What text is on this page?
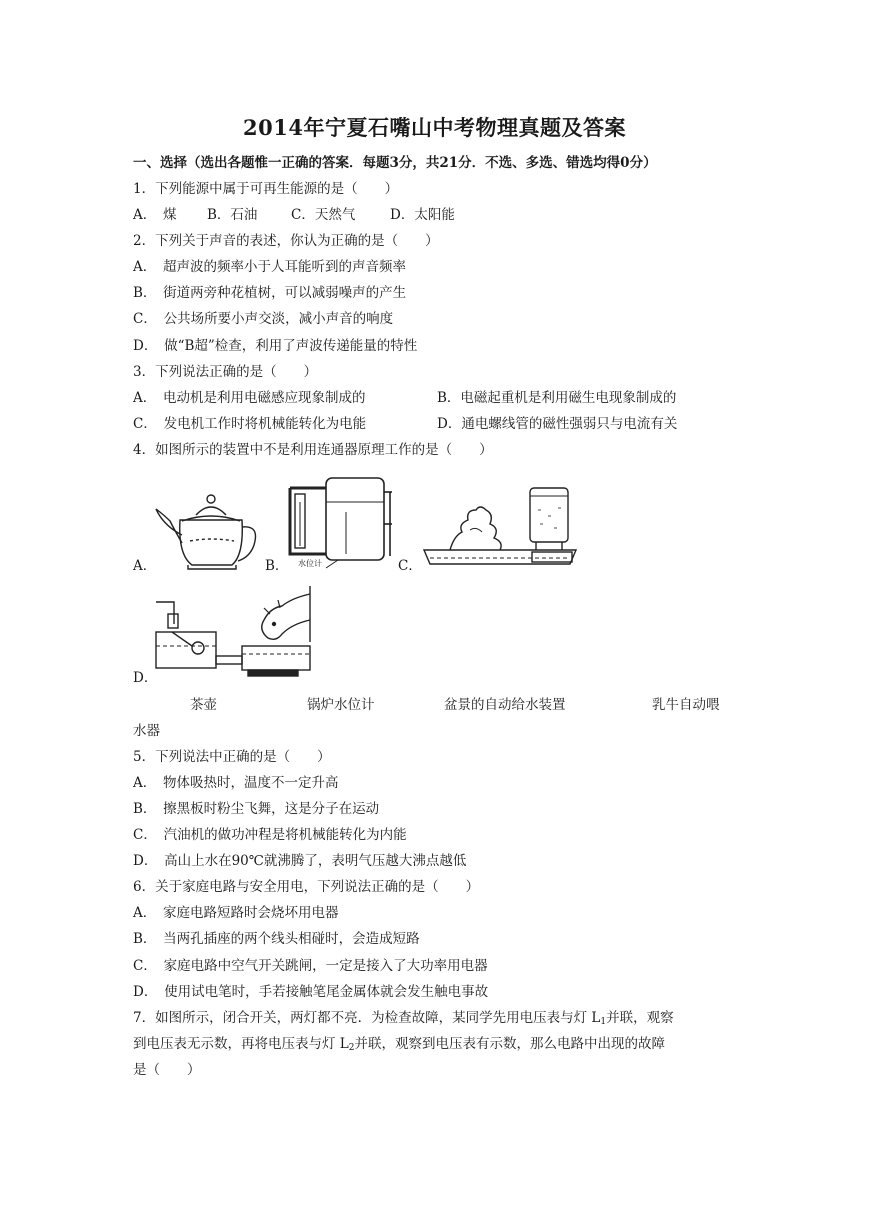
2014年宁夏石嘴山中考物理真题及答案
一、选择（选出各题惟一正确的答案．每题3分，共21分．不选、多选、错选均得0分）
1．下列能源中属于可再生能源的是（　　）
A．　煤 B．石油 C．天然气	D．太阳能
2．下列关于声音的表述，你认为正确的是（　　）
A．　超声波的频率小于人耳能听到的声音频率
B．　街道两旁种花植树，可以减弱噪声的产生
C．　公共场所要小声交淡，减小声音的响度
D．　做“B超”检查，利用了声波传递能量的特性
3．下列说法正确的是（　　）
A．　电动机是利用电磁感应现象制成的	B．电磁起重机是利用磁生电现象制成的
C．　发电机工作时将机械能转化为电能	D．通电螺线管的磁性强弱只与电流有关
4．如图所示的装置中不是利用连通器原理工作的是（　　）
A．	B． 水位计	C．
D．
茶壶	锅炉水位计	盆景的自动给水装置	乳牛自动喂
水器
5．下列说法中正确的是（　　）
A．　物体吸热时，温度不一定升高
B．　擦黑板时粉尘飞舞，这是分子在运动
C．　汽油机的做功冲程是将机械能转化为内能
D．　高山上水在90℃就沸腾了，表明气压越大沸点越低
6．关于家庭电路与安全用电，下列说法正确的是（　　）
A．　家庭电路短路时会烧坏用电器
B．　当两孔插座的两个线头相碰时，会造成短路
C．　家庭电路中空气开关跳闸，一定是接入了大功率用电器
D．　使用试电笔时，手若接触笔尾金属体就会发生触电事故
7．如图所示，闭合开关，两灯都不亮．为检查故障，某同学先用电压表与灯 $L_1$并联，观察
到电压表无示数，再将电压表与灯 $L_2$并联，观察到电压表有示数，那么电路中出现的故障
是（　　）
